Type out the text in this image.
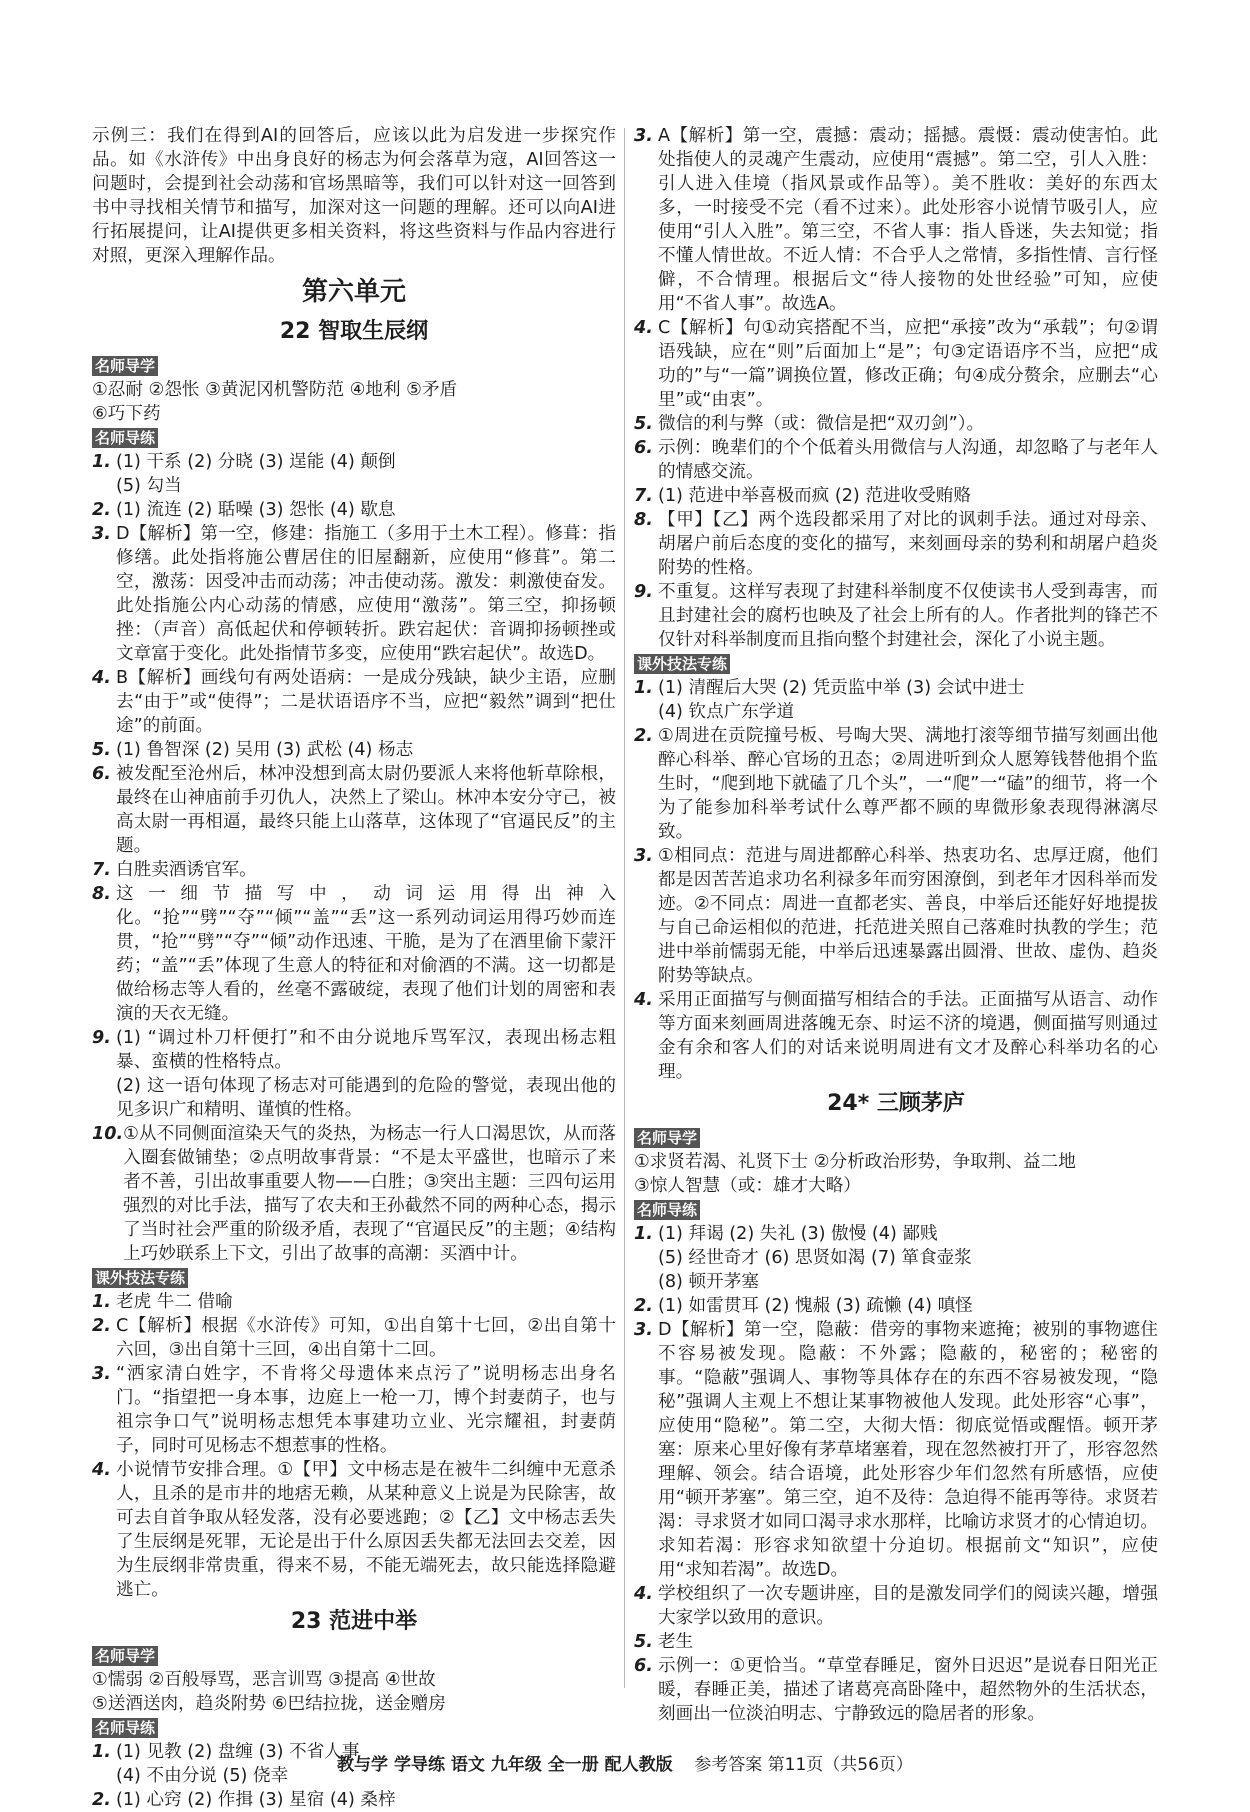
示例三：我们在得到AI的回答后，应该以此为启发进一步探究作品。如《水浒传》中出身良好的杨志为何会落草为寇，AI回答这一问题时，会提到社会动荡和官场黑暗等，我们可以针对这一回答到书中寻找相关情节和描写，加深对这一问题的理解。还可以向AI进行拓展提问，让AI提供更多相关资料，将这些资料与作品内容进行对照，更深入理解作品。

第六单元
22 智取生辰纲
名师导学

①忍耐 ②怨怅 ③黄泥冈机警防范 ④地利 ⑤矛盾

⑥巧下药

名师导练
1. (1) 干系 (2) 分晓 (3) 逞能 (4) 颠倒
(5) 勾当
2. (1) 流连 (2) 聒噪 (3) 怨怅 (4) 歇息
3. D【解析】第一空，修建：指施工（多用于土木工程）。修葺：指修缮。此处指将施公曹居住的旧屋翻新，应使用“修葺”。第二空，激荡：因受冲击而动荡；冲击使动荡。激发：刺激使奋发。此处指施公内心动荡的情感，应使用“激荡”。第三空，抑扬顿挫：（声音）高低起伏和停顿转折。跌宕起伏：音调抑扬顿挫或文章富于变化。此处指情节多变，应使用“跌宕起伏”。故选D。
4. B【解析】画线句有两处语病：一是成分残缺，缺少主语，应删去“由于”或“使得”；二是状语语序不当，应把“毅然”调到“把仕途”的前面。
5. (1) 鲁智深 (2) 吴用 (3) 武松 (4) 杨志
6. 被发配至沧州后，林冲没想到高太尉仍要派人来将他斩草除根，最终在山神庙前手刃仇人，决然上了梁山。林冲本安分守己，被高太尉一再相逼，最终只能上山落草，这体现了“官逼民反”的主题。
7. 白胜卖酒诱官军。
8. 这一细节描写中，动词运用得出神入化。“抢”“劈”“夺”“倾”“盖”“丢”这一系列动词运用得巧妙而连贯，“抢”“劈”“夺”“倾”动作迅速、干脆，是为了在酒里偷下蒙汗药；“盖”“丢”体现了生意人的特征和对偷酒的不满。这一切都是做给杨志等人看的，丝毫不露破绽，表现了他们计划的周密和表演的天衣无缝。
9. (1) “调过朴刀杆便打”和不由分说地斥骂军汉，表现出杨志粗暴、蛮横的性格特点。
(2) 这一语句体现了杨志对可能遇到的危险的警觉，表现出他的见多识广和精明、谨慎的性格。
10. ①从不同侧面渲染天气的炎热，为杨志一行人口渴思饮，从而落入圈套做铺垫；②点明故事背景：“不是太平盛世，也暗示了来者不善，引出故事重要人物——白胜；③突出主题：三四句运用强烈的对比手法，描写了农夫和王孙截然不同的两种心态，揭示了当时社会严重的阶级矛盾，表现了“官逼民反”的主题；④结构上巧妙联系上下文，引出了故事的高潮：买酒中计。
课外技法专练
1. 老虎 牛二 借喻
2. C【解析】根据《水浒传》可知，①出自第十七回，②出自第十六回，③出自第十三回，④出自第十二回。
3. “洒家清白姓字，不肯将父母遗体来点污了”说明杨志出身名门。“指望把一身本事，边庭上一枪一刀，博个封妻荫子，也与祖宗争口气”说明杨志想凭本事建功立业、光宗耀祖，封妻荫子，同时可见杨志不想惹事的性格。
4. 小说情节安排合理。①【甲】文中杨志是在被牛二纠缠中无意杀人，且杀的是市井的地痞无赖，从某种意义上说是为民除害，故可去自首争取从轻发落，没有必要逃跑；②【乙】文中杨志丢失了生辰纲是死罪，无论是出于什么原因丢失都无法回去交差，因为生辰纲非常贵重，得来不易，不能无端死去，故只能选择隐避逃亡。
23 范进中举
名师导学

①懦弱 ②百般辱骂，恶言训骂 ③提高 ④世故

⑤送酒送肉，趋炎附势 ⑥巴结拉拢，送金赠房

名师导练
1. (1) 见教 (2) 盘缠 (3) 不省人事
(4) 不由分说 (5) 侥幸
2. (1) 心窍 (2) 作揖 (3) 星宿 (4) 桑梓
3. A【解析】第一空，震撼：震动；摇撼。震慑：震动使害怕。此处指使人的灵魂产生震动，应使用“震撼”。第二空，引人入胜：引人进入佳境（指风景或作品等）。美不胜收：美好的东西太多，一时接受不完（看不过来）。此处形容小说情节吸引人，应使用“引人入胜”。第三空，不省人事：指人昏迷，失去知觉；指不懂人情世故。不近人情：不合乎人之常情，多指性情、言行怪僻，不合情理。根据后文“待人接物的处世经验”可知，应使用“不省人事”。故选A。
4. C【解析】句①动宾搭配不当，应把“承接”改为“承载”；句②谓语残缺，应在“则”后面加上“是”；句③定语语序不当，应把“成功的”与“一篇”调换位置，修改正确；句④成分赘余，应删去“心里”或“由衷”。
5. 微信的利与弊（或：微信是把“双刃剑”）。
6. 示例：晚辈们的个个低着头用微信与人沟通，却忽略了与老年人的情感交流。
7. (1) 范进中举喜极而疯 (2) 范进收受贿赂
8. 【甲】【乙】两个选段都采用了对比的讽刺手法。通过对母亲、胡屠户前后态度的变化的描写，来刻画母亲的势利和胡屠户趋炎附势的性格。
9. 不重复。这样写表现了封建科举制度不仅使读书人受到毒害，而且封建社会的腐朽也映及了社会上所有的人。作者批判的锋芒不仅针对科举制度而且指向整个封建社会，深化了小说主题。
课外技法专练
1. (1) 清醒后大哭 (2) 凭贡监中举 (3) 会试中进士
(4) 钦点广东学道
2. ①周进在贡院撞号板、号啕大哭、满地打滚等细节描写刻画出他醉心科举、醉心官场的丑态；②周进听到众人愿筹钱替他捐个监生时，“爬到地下就磕了几个头”，一“爬”一“磕”的细节，将一个为了能参加科举考试什么尊严都不顾的卑微形象表现得淋漓尽致。
3. ①相同点：范进与周进都醉心科举、热衷功名、忠厚迂腐，他们都是因苦苦追求功名利禄多年而穷困潦倒，到老年才因科举而发迹。②不同点：周进一直都老实、善良，中举后还能好好地提拔与自己命运相似的范进，托范进关照自己落难时执教的学生；范进中举前懦弱无能，中举后迅速暴露出圆滑、世故、虚伪、趋炎附势等缺点。
4. 采用正面描写与侧面描写相结合的手法。正面描写从语言、动作等方面来刻画周进落魄无奈、时运不济的境遇，侧面描写则通过金有余和客人们的对话来说明周进有文才及醉心科举功名的心理。
24* 三顾茅庐
名师导学

①求贤若渴、礼贤下士 ②分析政治形势，争取荆、益二地

③惊人智慧（或：雄才大略）

名师导练
1. (1) 拜谒 (2) 失礼 (3) 傲慢 (4) 鄙贱
(5) 经世奇才 (6) 思贤如渴 (7) 箪食壶浆
(8) 顿开茅塞
2. (1) 如雷贯耳 (2) 愧赧 (3) 疏懒 (4) 嗔怪
3. D【解析】第一空，隐蔽：借旁的事物来遮掩；被别的事物遮住不容易被发现。隐蔽：不外露；隐蔽的，秘密的；秘密的事。“隐蔽”强调人、事物等具体存在的东西不容易被发现，“隐秘”强调人主观上不想让某事物被他人发现。此处形容“心事”，应使用“隐秘”。第二空，大彻大悟：彻底觉悟或醒悟。顿开茅塞：原来心里好像有茅草堵塞着，现在忽然被打开了，形容忽然理解、领会。结合语境，此处形容少年们忽然有所感悟，应使用“顿开茅塞”。第三空，迫不及待：急迫得不能再等待。求贤若渴：寻求贤才如同口渴寻求水那样，比喻访求贤才的心情迫切。求知若渴：形容求知欲望十分迫切。根据前文“知识”，应使用“求知若渴”。故选D。
4. 学校组织了一次专题讲座，目的是激发同学们的阅读兴趣，增强大家学以致用的意识。
5. 老生
6. 示例一：①更恰当。“草堂春睡足，窗外日迟迟”是说春日阳光正暖，春睡正美，描述了诸葛亮高卧隆中，超然物外的生活状态，刻画出一位淡泊明志、宁静致远的隐居者的形象。
教与学 学导练 语文 九年级 全一册 配人教版 参考答案 第11页（共56页）
